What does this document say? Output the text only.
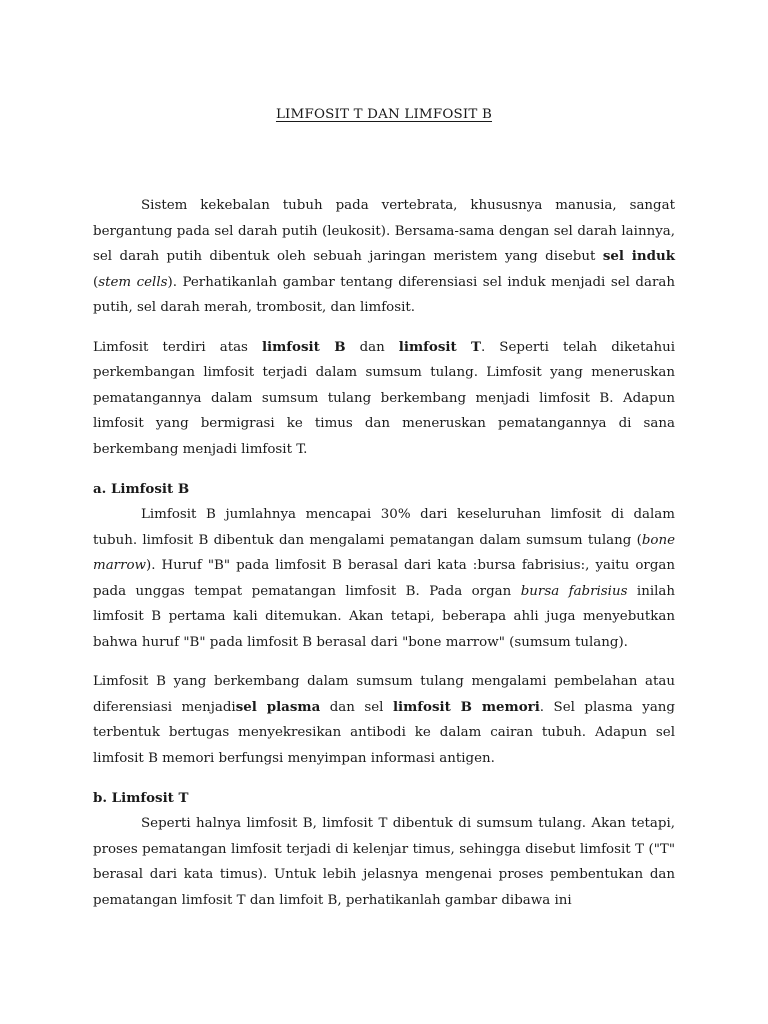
LIMFOSIT T DAN LIMFOSIT B

Sistem kekebalan tubuh pada vertebrata, khususnya manusia, sangat bergantung pada sel darah putih (leukosit). Bersama-sama dengan sel darah lainnya, sel darah putih dibentuk oleh sebuah jaringan meristem yang disebut sel induk (stem cells). Perhatikanlah gambar tentang diferensiasi sel induk menjadi sel darah putih, sel darah merah, trombosit, dan limfosit.

Limfosit terdiri atas limfosit B dan limfosit T. Seperti telah diketahui perkembangan limfosit terjadi dalam sumsum tulang. Limfosit yang meneruskan pematangannya dalam sumsum tulang berkembang menjadi limfosit B. Adapun limfosit yang bermigrasi ke timus dan meneruskan pematangannya di sana berkembang menjadi limfosit T.

a. Limfosit B

Limfosit B jumlahnya mencapai 30% dari keseluruhan limfosit di dalam tubuh. limfosit B dibentuk dan mengalami pematangan dalam sumsum tulang (bone marrow). Huruf "B" pada limfosit B berasal dari kata :bursa fabrisius:, yaitu organ pada unggas tempat pematangan limfosit B. Pada organ bursa fabrisius inilah limfosit B pertama kali ditemukan. Akan tetapi, beberapa ahli juga menyebutkan bahwa huruf "B" pada limfosit B berasal dari "bone marrow" (sumsum tulang).

Limfosit B yang berkembang dalam sumsum tulang mengalami pembelahan atau diferensiasi menjadisel plasma dan sel limfosit B memori. Sel plasma yang terbentuk bertugas menyekresikan antibodi ke dalam cairan tubuh. Adapun sel limfosit B memori berfungsi menyimpan informasi antigen.

b. Limfosit T

Seperti halnya limfosit B, limfosit T dibentuk di sumsum tulang. Akan tetapi, proses pematangan limfosit terjadi di kelenjar timus, sehingga disebut limfosit T ("T" berasal dari kata timus). Untuk lebih jelasnya mengenai proses pembentukan dan pematangan limfosit T dan limfoit B, perhatikanlah gambar dibawa ini
